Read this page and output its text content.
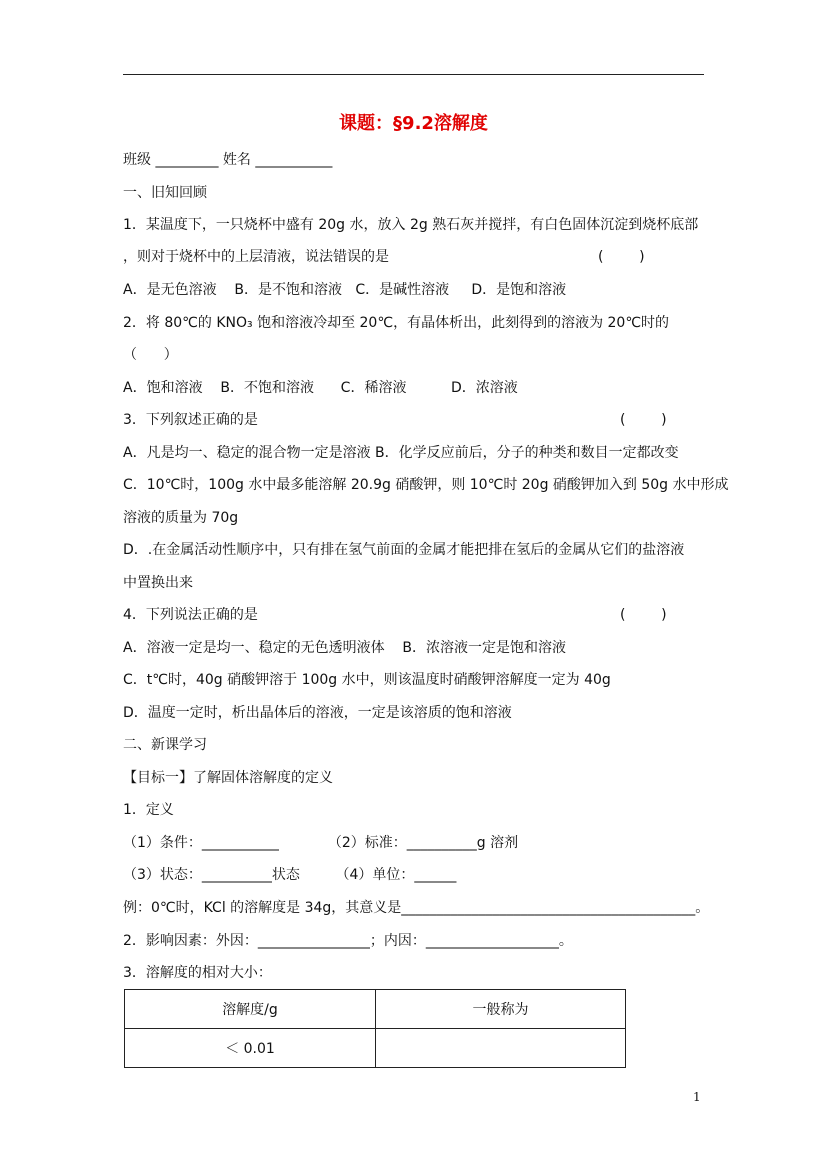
课题：§9.2溶解度
班级 _________ 姓名 ___________
一、旧知回顾
1．某温度下，一只烧杯中盛有 20g 水，放入 2g 熟石灰并搅拌，有白色固体沉淀到烧杯底部
，则对于烧杯中的上层清液，说法错误的是	(        )
A．是无色溶液    B．是不饱和溶液   C．是碱性溶液     D．是饱和溶液
2．将 80℃的 KNO₃ 饱和溶液冷却至 20℃，有晶体析出，此刻得到的溶液为 20℃时的
（      ）
A．饱和溶液    B．不饱和溶液      C．稀溶液          D．浓溶液
3．下列叙述正确的是	(        )
A．凡是均一、稳定的混合物一定是溶液 B．化学反应前后，分子的种类和数目一定都改变
C．10℃时，100g 水中最多能溶解 20.9g 硝酸钾，则 10℃时 20g 硝酸钾加入到 50g 水中形成
溶液的质量为 70g
D．.在金属活动性顺序中，只有排在氢气前面的金属才能把排在氢后的金属从它们的盐溶液
中置换出来
4．下列说法正确的是	(        )
A．溶液一定是均一、稳定的无色透明液体    B．浓溶液一定是饱和溶液
C．t℃时，40g 硝酸钾溶于 100g 水中，则该温度时硝酸钾溶解度一定为 40g
D．温度一定时，析出晶体后的溶液，一定是该溶质的饱和溶液
二、新课学习
【目标一】了解固体溶解度的定义
1．定义
（1）条件：___________           （2）标准：__________g 溶剂
（3）状态：__________状态        （4）单位：______
例：0℃时，KCl 的溶解度是 34g，其意义是__________________________________________。
2．影响因素：外因：________________；内因：___________________。
3．溶解度的相对大小：
溶解度/g	一般称为
＜ 0.01	
1
